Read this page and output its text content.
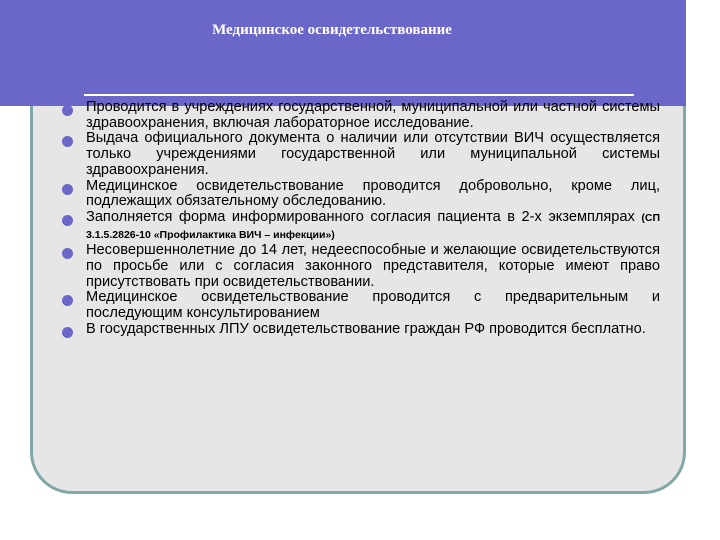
Медицинское освидетельствование
Проводится в учреждениях государственной, муниципальной или частной системы здравоохранения, включая лабораторное исследование.
Выдача официального документа о наличии или отсутствии ВИЧ осуществляется только учреждениями государственной или муниципальной системы здравоохранения.
Медицинское освидетельствование проводится добровольно, кроме лиц, подлежащих обязательному обследованию.
Заполняется форма информированного согласия пациента в 2-х экземплярах (СП 3.1.5.2826-10 «Профилактика ВИЧ – инфекции»)
Несовершеннолетние до 14 лет, недееспособные и желающие освидетельствуются по просьбе или с согласия законного представителя, которые имеют право присутствовать при освидетельствовании.
Медицинское освидетельствование проводится с предварительным и последующим консультированием
В государственных ЛПУ освидетельствование граждан РФ проводится бесплатно.
